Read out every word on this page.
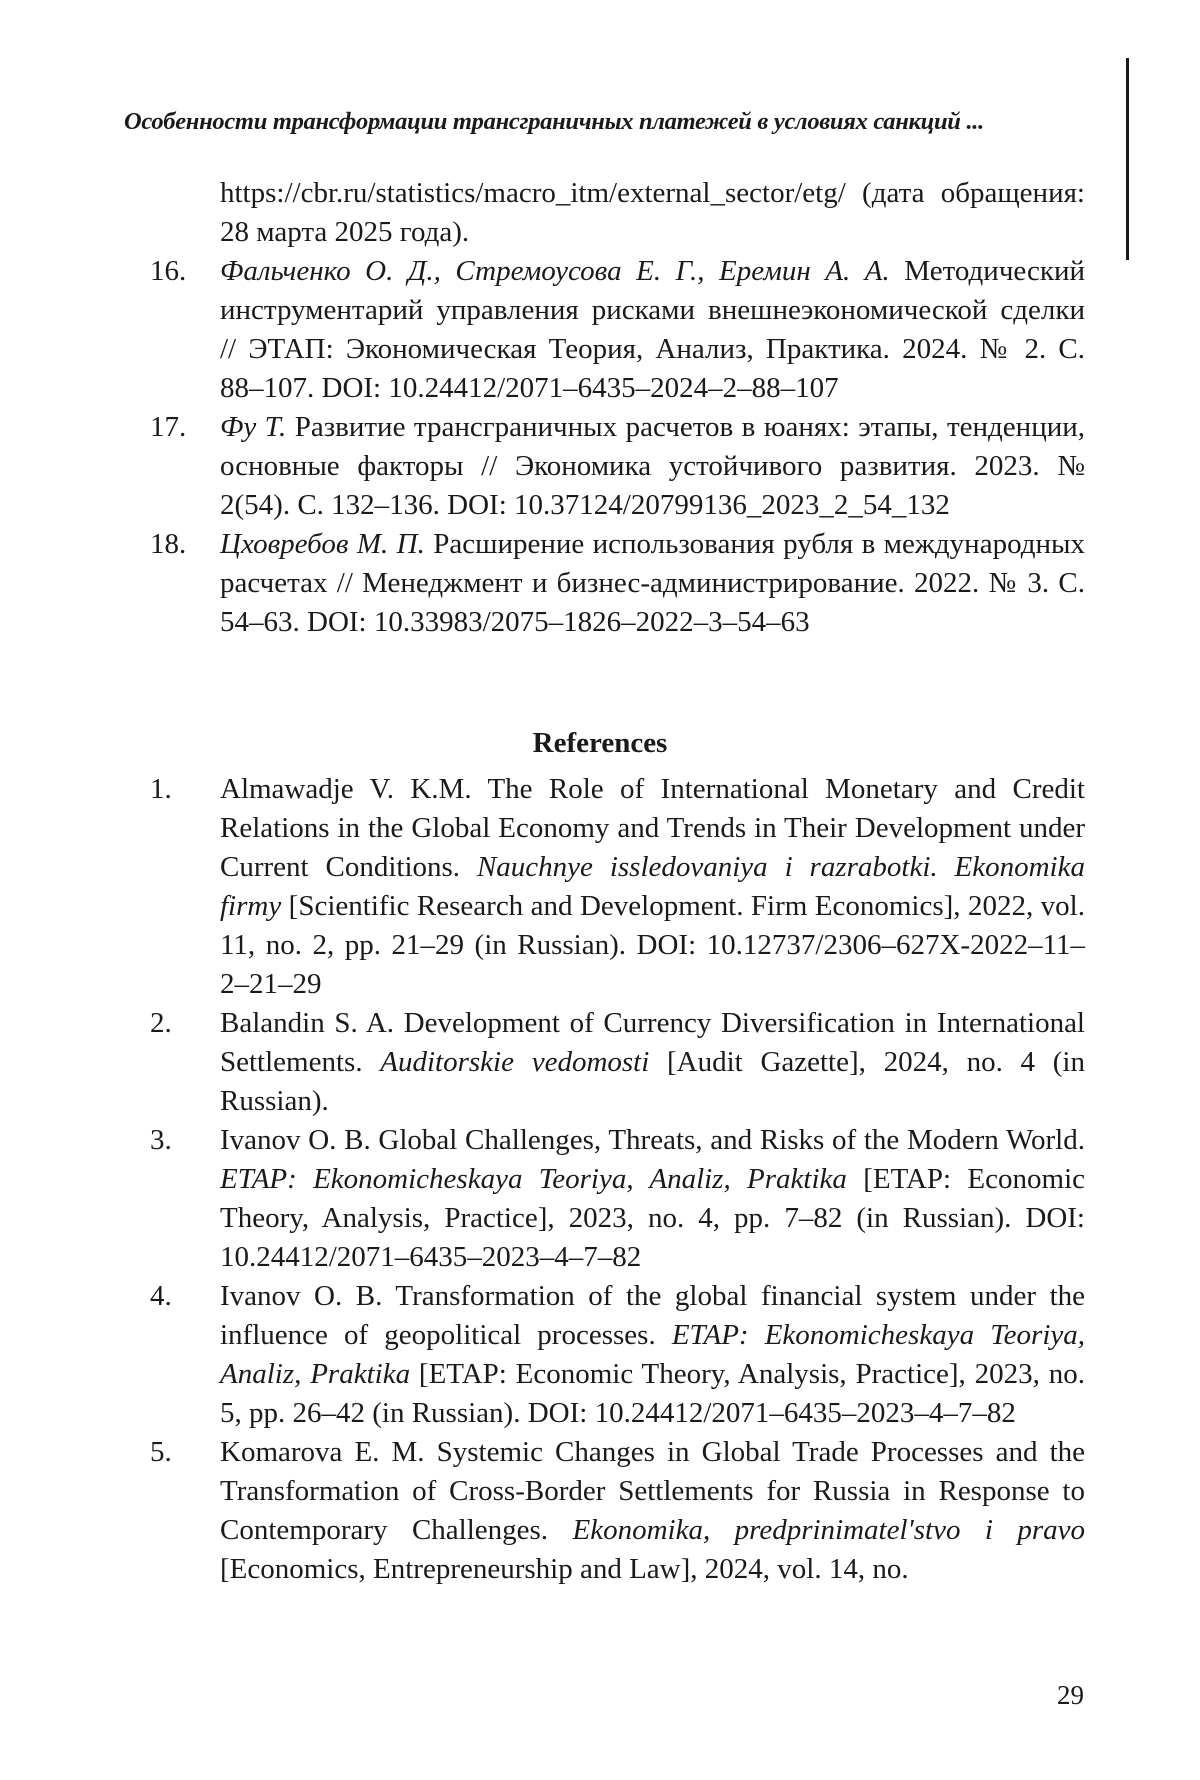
Особенности трансформации трансграничных платежей в условиях санкций ...
https://cbr.ru/statistics/macro_itm/external_sector/etg/ (дата обращения: 28 марта 2025 года).
16.	Фальченко О. Д., Стремоусова Е. Г., Еремин А. А. Методический инструментарий управления рисками внешнеэкономической сделки // ЭТАП: Экономическая Теория, Анализ, Практика. 2024. № 2. С. 88–107. DOI: 10.24412/2071–6435–2024–2–88–107
17.	Фу Т. Развитие трансграничных расчетов в юанях: этапы, тенденции, основные факторы // Экономика устойчивого развития. 2023. № 2(54). С. 132–136. DOI: 10.37124/20799136_2023_2_54_132
18.	Цховребов М. П. Расширение использования рубля в международных расчетах // Менеджмент и бизнес-администрирование. 2022. № 3. С. 54–63. DOI: 10.33983/2075–1826–2022–3–54–63
References
1.	Almawadje V. K.M. The Role of International Monetary and Credit Relations in the Global Economy and Trends in Their Development under Current Conditions. Nauchnye issledovaniya i razrabotki. Ekonomika firmy [Scientific Research and Development. Firm Economics], 2022, vol. 11, no. 2, pp. 21–29 (in Russian). DOI: 10.12737/2306–627X-2022–11–2–21–29
2.	Balandin S. A. Development of Currency Diversification in International Settlements. Auditorskie vedomosti [Audit Gazette], 2024, no. 4 (in Russian).
3.	Ivanov O. B. Global Challenges, Threats, and Risks of the Modern World. ETAP: Ekonomicheskaya Teoriya, Analiz, Praktika [ETAP: Economic Theory, Analysis, Practice], 2023, no. 4, pp. 7–82 (in Russian). DOI: 10.24412/2071–6435–2023–4–7–82
4.	Ivanov O. B. Transformation of the global financial system under the influence of geopolitical processes. ETAP: Ekonomicheskaya Teoriya, Analiz, Praktika [ETAP: Economic Theory, Analysis, Practice], 2023, no. 5, pp. 26–42 (in Russian). DOI: 10.24412/2071–6435–2023–4–7–82
5.	Komarova E. M. Systemic Changes in Global Trade Processes and the Transformation of Cross-Border Settlements for Russia in Response to Contemporary Challenges. Ekonomika, predprinimatel'stvo i pravo [Economics, Entrepreneurship and Law], 2024, vol. 14, no.
29
